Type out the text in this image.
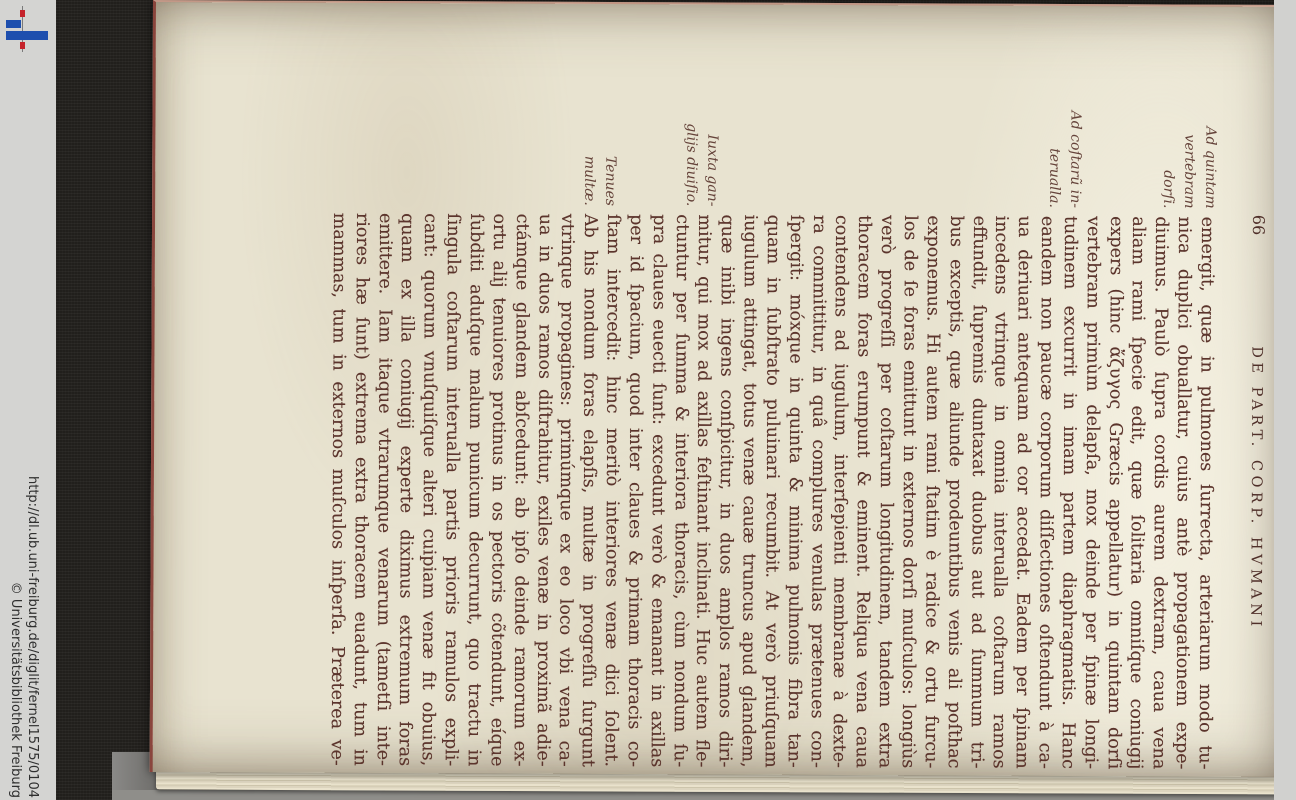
66
DE PART. CORP. HVMANI
Ad quintam
vertebram
dorſi.
Ad coſtarũ in-
terualla.
Iuxta gan-
glijs diuiſio.
Tenues
multæ.
emergit, quæ in pulmones ſurrecta, arteriarum modo tu-
nica duplici obuallatur, cuius antè propagationem expe-
diuimus. Paulò ſupra cordis aurem dextram, caua vena
aliam rami ſpecie edit, quæ ſolitaria omniſque coniugij
expers (hinc ἄζυγος Græcis appellatur) in quintam dorſi
vertebram primùm delapſa, mox deinde per ſpinæ longi-
tudinem excurrit in imam partem diaphragmatis. Hanc
eandem non paucæ corporum diſſectiones oſtendunt à ca-
ua deriuari antequam ad cor accedat. Eadem per ſpinam
incedens vtrinque in omnia interualla coſtarum ramos
effundit, ſupremis duntaxat duobus aut ad ſummum tri-
bus exceptis, quæ aliunde prodeuntibus venis ali poſthac
exponemus. Hi autem rami ſtatim è radice & ortu furcu-
los de ſe foras emittunt in externos dorſi muſculos: longiùs
verò progreſſi per coſtarum longitudinem, tandem extra
thoracem foras erumpunt & eminent. Reliqua vena caua
contendens ad iugulum, interſepienti membranæ à dexte-
ra committitur, in quâ complures venulas prætenues con-
ſpergit: móxque in quinta & minima pulmonis fibra tan-
quam in ſubſtrato puluinari recumbit. At verò priuſquam
iugulum attingat, totus venæ cauæ truncus apud glandem,
quæ inibi ingens conſpicitur, in duos amplos ramos diri-
mitur, qui mox ad axillas feſtinant inclinati. Huc autem fle-
ctuntur per ſumma & interiora thoracis, cùm nondum ſu-
pra claues euecti ſunt: excedunt verò & emanant in axillas
per id ſpacium, quod inter claues & primam thoracis co-
ſtam intercedit: hinc meritò interiores venæ dici ſolent.
Ab his nondum foras elapſis, multæ in progreſſu ſurgunt
vtrinque propagines: primúmque ex eo loco vbi vena ca-
ua in duos ramos diſtrahitur, exiles venæ in proximã adie-
ctámque glandem abſcedunt: ab ipſo deinde ramorum ex-
ortu alij tenuiores protinus in os pectoris cõtendunt, eíque
ſubditi aduſque malum punicum decurrunt, quo tractu in
ſingula coſtarum interualla partis prioris ramulos expli-
cant: quorum vnuſquiſque alteri cuipiam venæ fit obuius,
quam ex illa coniugij experte diximus extremum foras
emittere. Iam itaque vtrarumque venarum (tametſi inte-
riores hæ ſunt) extrema extra thoracem euadunt, tum in
mammas, tum in externos muſculos inſperſa. Præterea ve-
http://dl.ub.uni-freiburg.de/diglit/fernel1575/0104
© Universitätsbibliothek Freiburg
